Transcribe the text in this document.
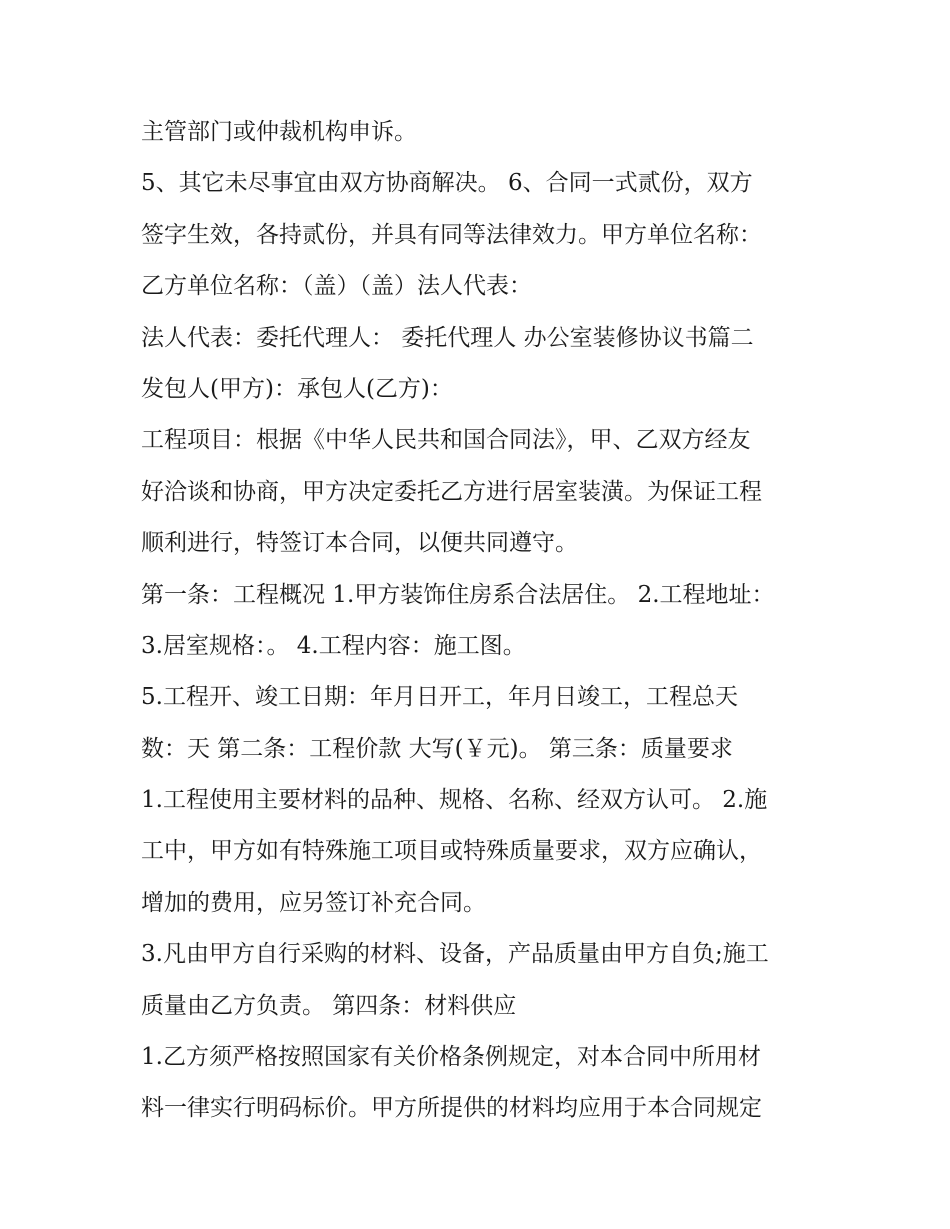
主管部门或仲裁机构申诉。
5、其它未尽事宜由双方协商解决。 6、合同一式贰份，双方
签字生效，各持贰份，并具有同等法律效力。甲方单位名称：
乙方单位名称：（盖）（盖）法人代表：
法人代表：委托代理人： 委托代理人 办公室装修协议书篇二
发包人(甲方)：承包人(乙方)：
工程项目：根据《中华人民共和国合同法》，甲、乙双方经友
好洽谈和协商，甲方决定委托乙方进行居室装潢。为保证工程
顺利进行，特签订本合同，以便共同遵守。
第一条：工程概况 1.甲方装饰住房系合法居住。 2.工程地址：
3.居室规格：。 4.工程内容：施工图。
5.工程开、竣工日期：年月日开工，年月日竣工，工程总天
数：天 第二条：工程价款 大写(￥元)。 第三条：质量要求
1.工程使用主要材料的品种、规格、名称、经双方认可。 2.施
工中，甲方如有特殊施工项目或特殊质量要求，双方应确认，
增加的费用，应另签订补充合同。
3.凡由甲方自行采购的材料、设备，产品质量由甲方自负;施工
质量由乙方负责。 第四条：材料供应
1.乙方须严格按照国家有关价格条例规定，对本合同中所用材
料一律实行明码标价。甲方所提供的材料均应用于本合同规定
